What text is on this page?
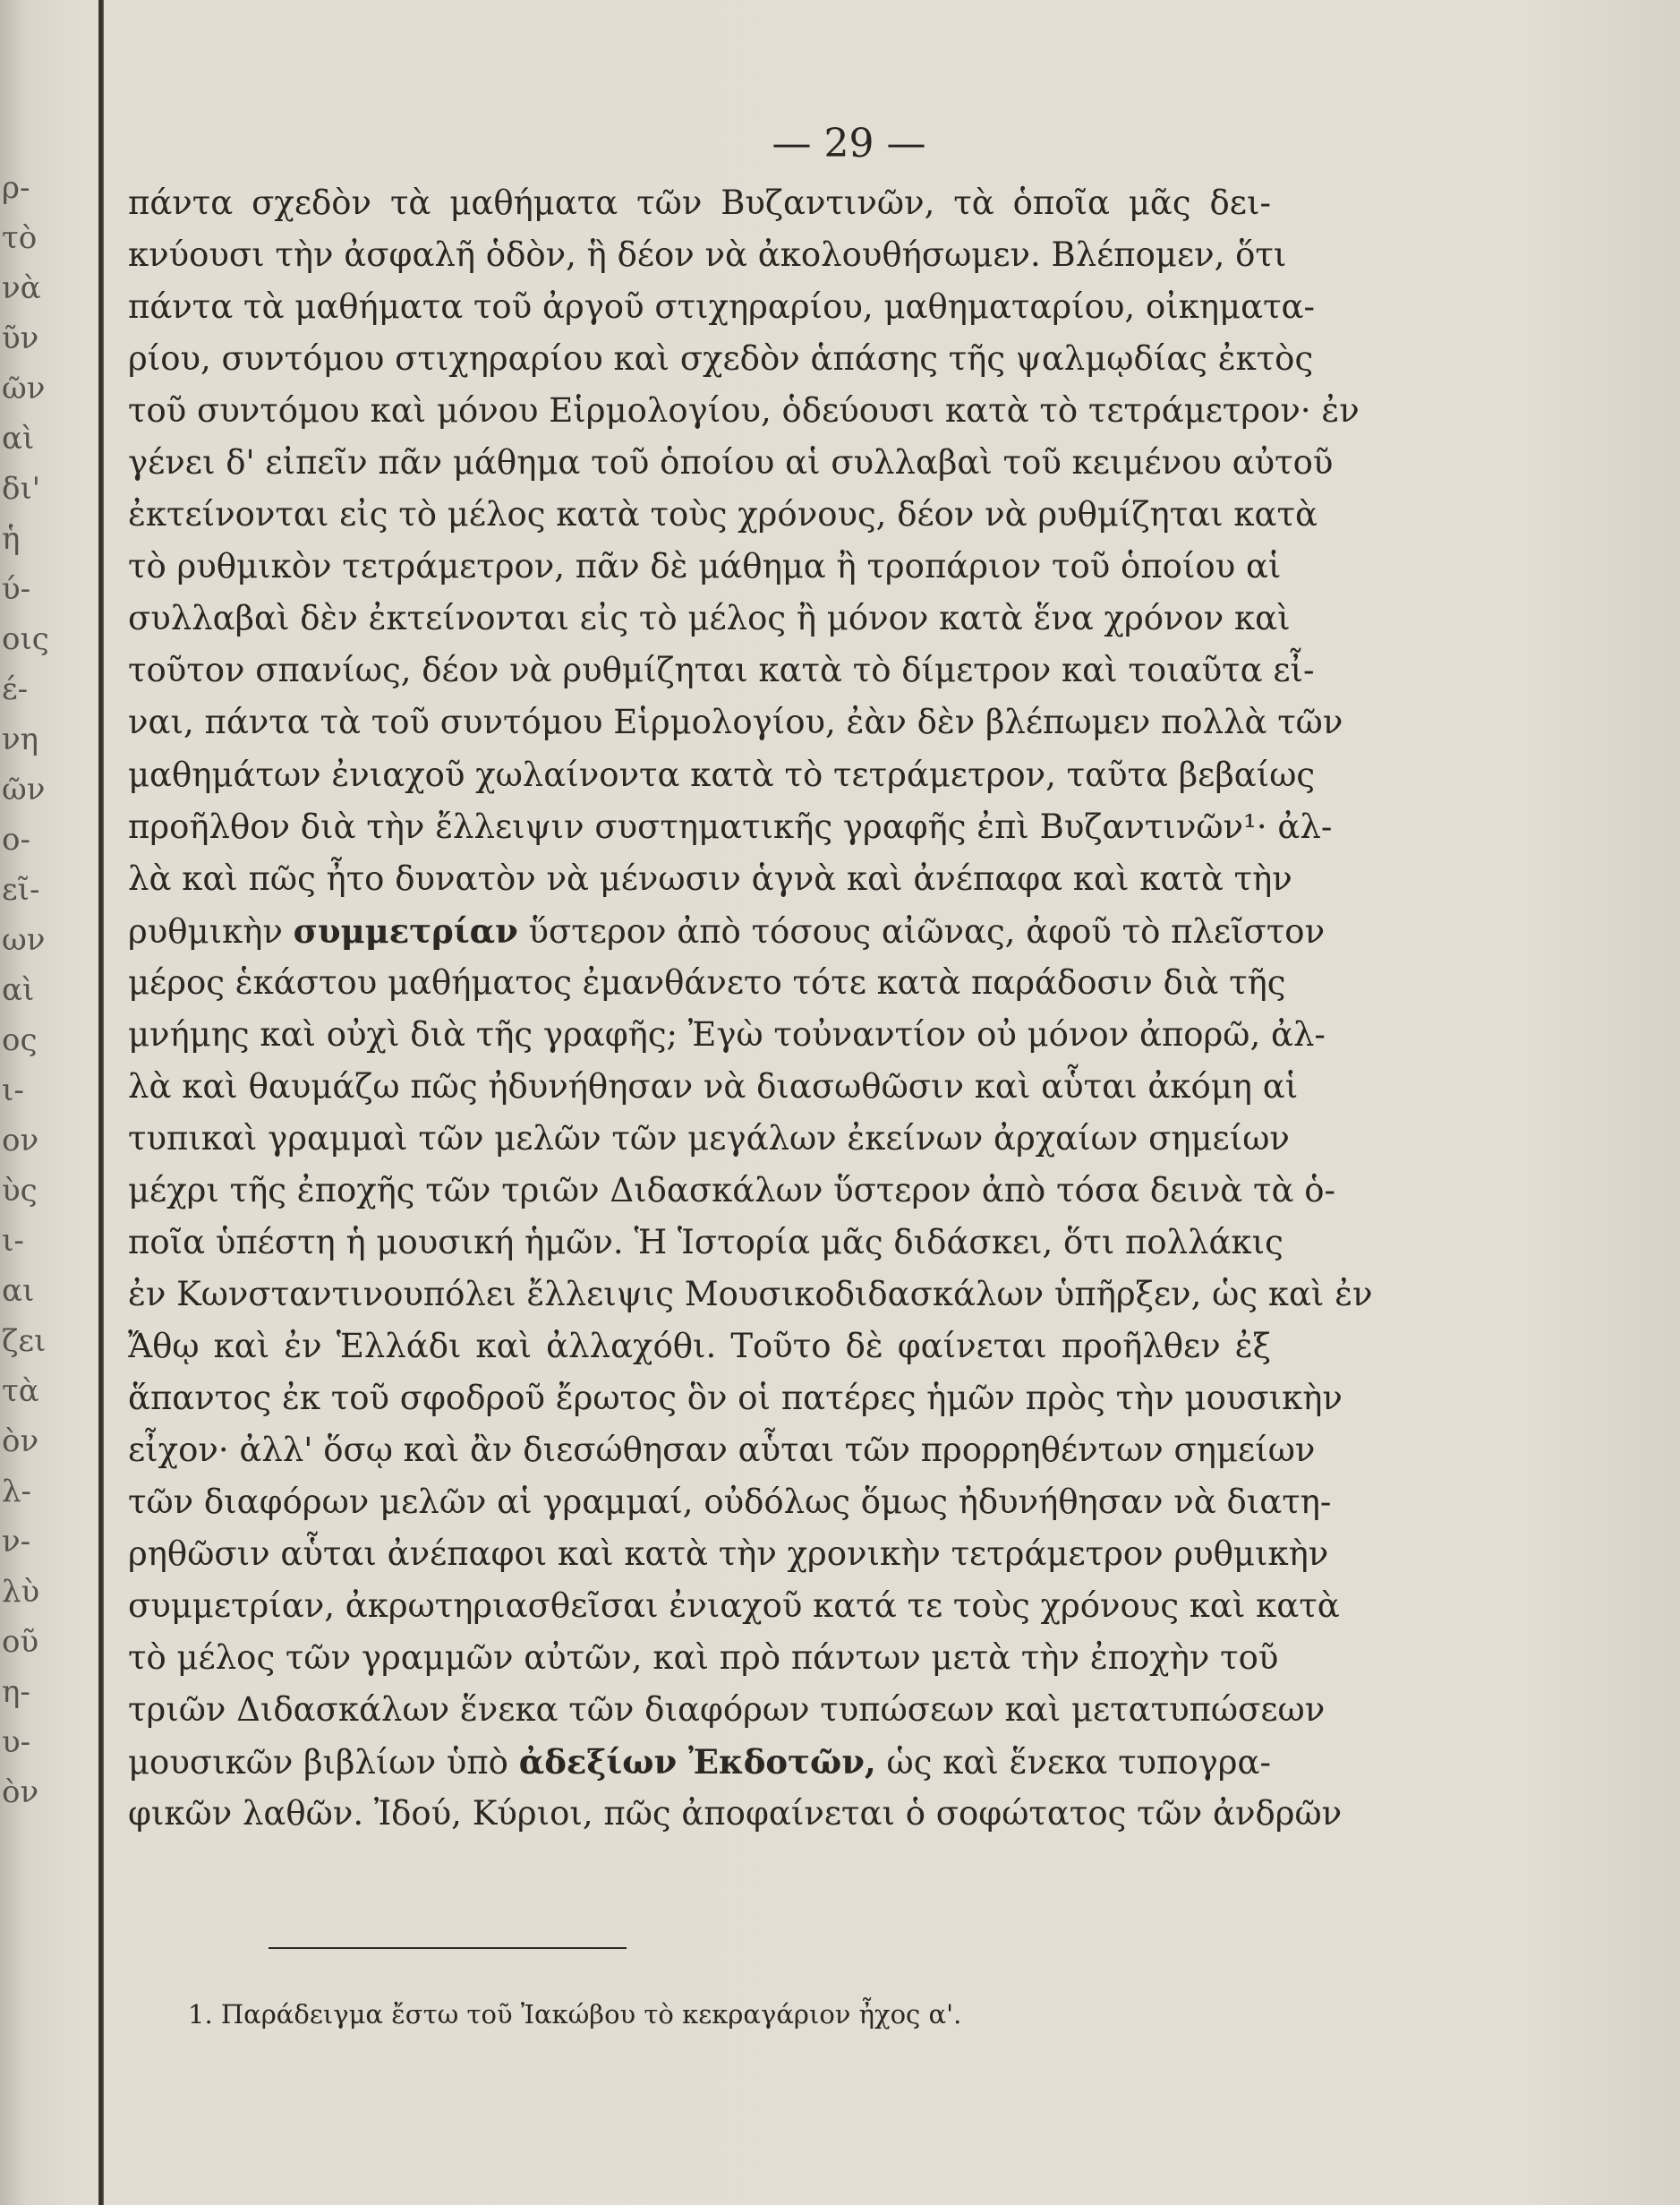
ρ-
τὸ
νὰ
ῦν
ῶν
αὶ
δι'
ἡ
ύ-
οις
έ-
νη
ῶν
ο-
εῖ-
ων
αὶ
ος
ι-
ον
ὺς
ι-
αι
ζει
τὰ
ὸν
λ-
ν-
λὺ
οῦ
η-
υ-
ὸν
— 29 —
πάντα σχεδὸν τὰ μαθήματα τῶν Βυζαντινῶν, τὰ ὁποῖα μᾶς δει-
κνύουσι τὴν ἀσφαλῆ ὁδὸν, ἣ δέον νὰ ἀκολουθήσωμεν. Βλέπομεν, ὅτι
πάντα τὰ μαθήματα τοῦ ἀργοῦ στιχηραρίου, μαθηματαρίου, οἰκηματα-
ρίου, συντόμου στιχηραρίου καὶ σχεδὸν ἁπάσης τῆς ψαλμῳδίας ἐκτὸς
τοῦ συντόμου καὶ μόνου Εἱρμολογίου, ὁδεύουσι κατὰ τὸ τετράμετρον· ἐν
γένει δ' εἰπεῖν πᾶν μάθημα τοῦ ὁποίου αἱ συλλαβαὶ τοῦ κειμένου αὐτοῦ
ἐκτείνονται εἰς τὸ μέλος κατὰ τοὺς χρόνους, δέον νὰ ρυθμίζηται κατὰ
τὸ ρυθμικὸν τετράμετρον, πᾶν δὲ μάθημα ἢ τροπάριον τοῦ ὁποίου αἱ
συλλαβαὶ δὲν ἐκτείνονται εἰς τὸ μέλος ἢ μόνον κατὰ ἕνα χρόνον καὶ
τοῦτον σπανίως, δέον νὰ ρυθμίζηται κατὰ τὸ δίμετρον καὶ τοιαῦτα εἶ-
ναι, πάντα τὰ τοῦ συντόμου Εἱρμολογίου, ἐὰν δὲν βλέπωμεν πολλὰ τῶν
μαθημάτων ἐνιαχοῦ χωλαίνοντα κατὰ τὸ τετράμετρον, ταῦτα βεβαίως
προῆλθον διὰ τὴν ἔλλειψιν συστηματικῆς γραφῆς ἐπὶ Βυζαντινῶν¹· ἀλ-
λὰ καὶ πῶς ἦτο δυνατὸν νὰ μένωσιν ἁγνὰ καὶ ἀνέπαφα καὶ κατὰ τὴν
ρυθμικὴν συμμετρίαν ὕστερον ἀπὸ τόσους αἰῶνας, ἀφοῦ τὸ πλεῖστον
μέρος ἑκάστου μαθήματος ἐμανθάνετο τότε κατὰ παράδοσιν διὰ τῆς
μνήμης καὶ οὐχὶ διὰ τῆς γραφῆς; Ἐγὼ τοὐναντίον οὐ μόνον ἀπορῶ, ἀλ-
λὰ καὶ θαυμάζω πῶς ἠδυνήθησαν νὰ διασωθῶσιν καὶ αὗται ἀκόμη αἱ
τυπικαὶ γραμμαὶ τῶν μελῶν τῶν μεγάλων ἐκείνων ἀρχαίων σημείων
μέχρι τῆς ἐποχῆς τῶν τριῶν Διδασκάλων ὕστερον ἀπὸ τόσα δεινὰ τὰ ὁ-
ποῖα ὑπέστη ἡ μουσική ἡμῶν. Ἡ Ἱστορία μᾶς διδάσκει, ὅτι πολλάκις
ἐν Κωνσταντινουπόλει ἔλλειψις Μουσικοδιδασκάλων ὑπῆρξεν, ὡς καὶ ἐν
Ἄθῳ καὶ ἐν Ἑλλάδι καὶ ἀλλαχόθι. Τοῦτο δὲ φαίνεται προῆλθεν ἐξ
ἅπαντος ἐκ τοῦ σφοδροῦ ἔρωτος ὃν οἱ πατέρες ἡμῶν πρὸς τὴν μουσικὴν
εἶχον· ἀλλ' ὅσῳ καὶ ἂν διεσώθησαν αὗται τῶν προρρηθέντων σημείων
τῶν διαφόρων μελῶν αἱ γραμμαί, οὐδόλως ὅμως ἠδυνήθησαν νὰ διατη-
ρηθῶσιν αὗται ἀνέπαφοι καὶ κατὰ τὴν χρονικὴν τετράμετρον ρυθμικὴν
συμμετρίαν, ἀκρωτηριασθεῖσαι ἐνιαχοῦ κατά τε τοὺς χρόνους καὶ κατὰ
τὸ μέλος τῶν γραμμῶν αὐτῶν, καὶ πρὸ πάντων μετὰ τὴν ἐποχὴν τοῦ
τριῶν Διδασκάλων ἕνεκα τῶν διαφόρων τυπώσεων καὶ μετατυπώσεων
μουσικῶν βιβλίων ὑπὸ ἀδεξίων Ἐκδοτῶν, ὡς καὶ ἕνεκα τυπογρα-
φικῶν λαθῶν. Ἰδού, Κύριοι, πῶς ἀποφαίνεται ὁ σοφώτατος τῶν ἀνδρῶν
1. Παράδειγμα ἔστω τοῦ Ἰακώβου τὸ κεκραγάριον ἦχος α'.
